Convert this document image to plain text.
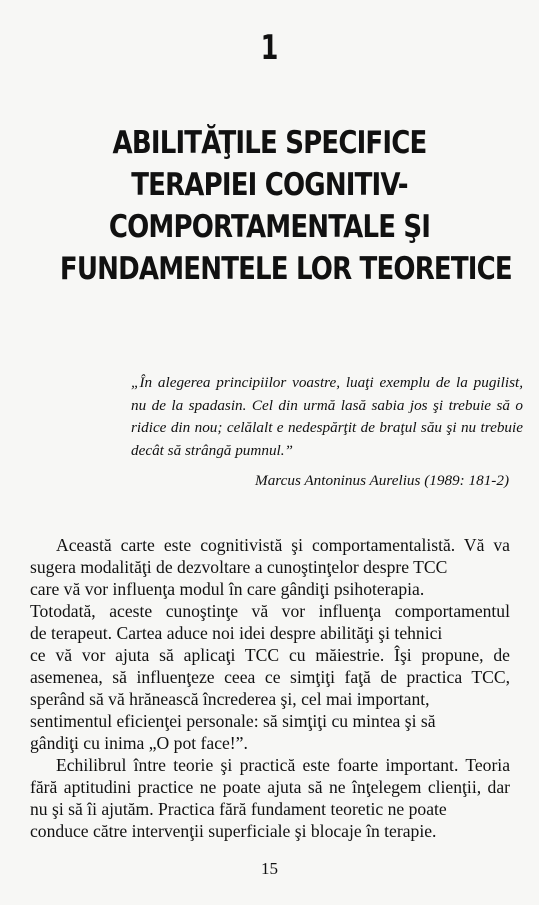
1
ABILITĂŢILE SPECIFICE
TERAPIEI COGNITIV-
COMPORTAMENTALE ŞI
FUNDAMENTELE LOR TEORETICE
„În alegerea principiilor voastre, luaţi exemplu de la pugilist,
nu de la spadasin. Cel din urmă lasă sabia jos şi trebuie să o
ridice din nou; celălalt e nedespărţit de braţul său şi nu trebuie
decât să strângă pumnul.”
Marcus Antoninus Aurelius (1989: 181-2)
Această carte este cognitivistă şi comportamentalistă. Vă va
sugera modalităţi de dezvoltare a cunoştinţelor despre TCC
care vă vor influenţa modul în care gândiţi psihoterapia.
Totodată, aceste cunoştinţe vă vor influenţa comportamentul
de terapeut. Cartea aduce noi idei despre abilităţi şi tehnici
ce vă vor ajuta să aplicaţi TCC cu măiestrie. Îşi propune, de
asemenea, să influenţeze ceea ce simţiţi faţă de practica TCC,
sperând să vă hrănească încrederea şi, cel mai important,
sentimentul eficienţei personale: să simţiţi cu mintea şi să
gândiţi cu inima „O pot face!”.
Echilibrul între teorie şi practică este foarte important. Teoria
fără aptitudini practice ne poate ajuta să ne înţelegem clienţii, dar
nu şi să îi ajutăm. Practica fără fundament teoretic ne poate
conduce către intervenţii superficiale şi blocaje în terapie.
15
